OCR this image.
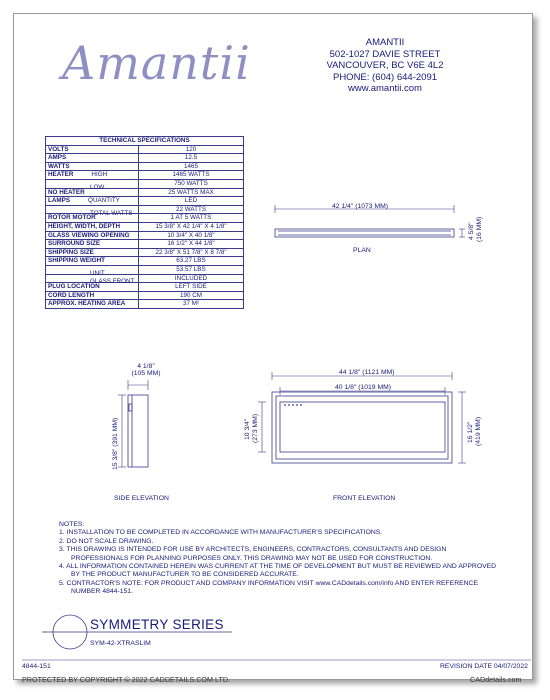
Amantii	AMANTII
502-1027 DAVIE STREET
VANCOUVER, BC V6E 4L2
PHONE: (604) 644-2091
www.amantii.com
TECHNICAL SPECIFICATIONS	
VOLTS	120
AMPS	12.5
WATTS	1465
HEATER HIGH	1465 WATTS

LOW	750 WATTS
NO HEATER	25 WATTS MAX
LAMPS QUANTITY	LED

TOTAL WATTS	22 WATTS
ROTOR MOTOR	1 AT 5 WATTS
HEIGHT, WIDTH, DEPTH	15 3/8" X 42 1/4" X 4 1/8"
GLASS VIEWING OPENING	10 3/4" X 40 1/8"
SURROUND SIZE	16 1/2" X 44 1/8"
SHIPPING SIZE	22 3/8" X 51 7/8" X 8 7/8"
SHIPPING WEIGHT	63.27 LBS

UNIT	53.57 LBS

GLASS FRONT	INCLUDED
PLUG LOCATION	LEFT SIDE
CORD LENGTH	190 CM
APPROX. HEATING AREA	37 M²
42 1/4" (1073 MM)
4 5/8" (16 MM)
PLAN
4 1/8"
(105 MM)
15 3/8" (391 MM)
SIDE ELEVATION
44 1/8" (1121 MM)
40 1/8" (1019 MM)
10 3/4" (273 MM)	16 1/2" (419 MM)
FRONT ELEVATION
NOTES:
1. INSTALLATION TO BE COMPLETED IN ACCORDANCE WITH MANUFACTURER'S SPECIFICATIONS.
2. DO NOT SCALE DRAWING.
3. THIS DRAWING IS INTENDED FOR USE BY ARCHITECTS, ENGINEERS, CONTRACTORS, CONSULTANTS AND DESIGN PROFESSIONALS FOR PLANNING PURPOSES ONLY. THIS DRAWING MAY NOT BE USED FOR CONSTRUCTION.
4. ALL INFORMATION CONTAINED HEREIN WAS CURRENT AT THE TIME OF DEVELOPMENT BUT MUST BE REVIEWED AND APPROVED BY THE PRODUCT MANUFACTURER TO BE CONSIDERED ACCURATE.
5. CONTRACTOR'S NOTE: FOR PRODUCT AND COMPANY INFORMATION VISIT www.CADdetails.com/info AND ENTER REFERENCE NUMBER 4844-151.
SYMMETRY SERIES
SYM-42-XTRASLIM
4844-151	REVISION DATE 04/07/2022
PROTECTED BY COPYRIGHT © 2022 CADDETAILS.COM LTD.	CADdetails.com
